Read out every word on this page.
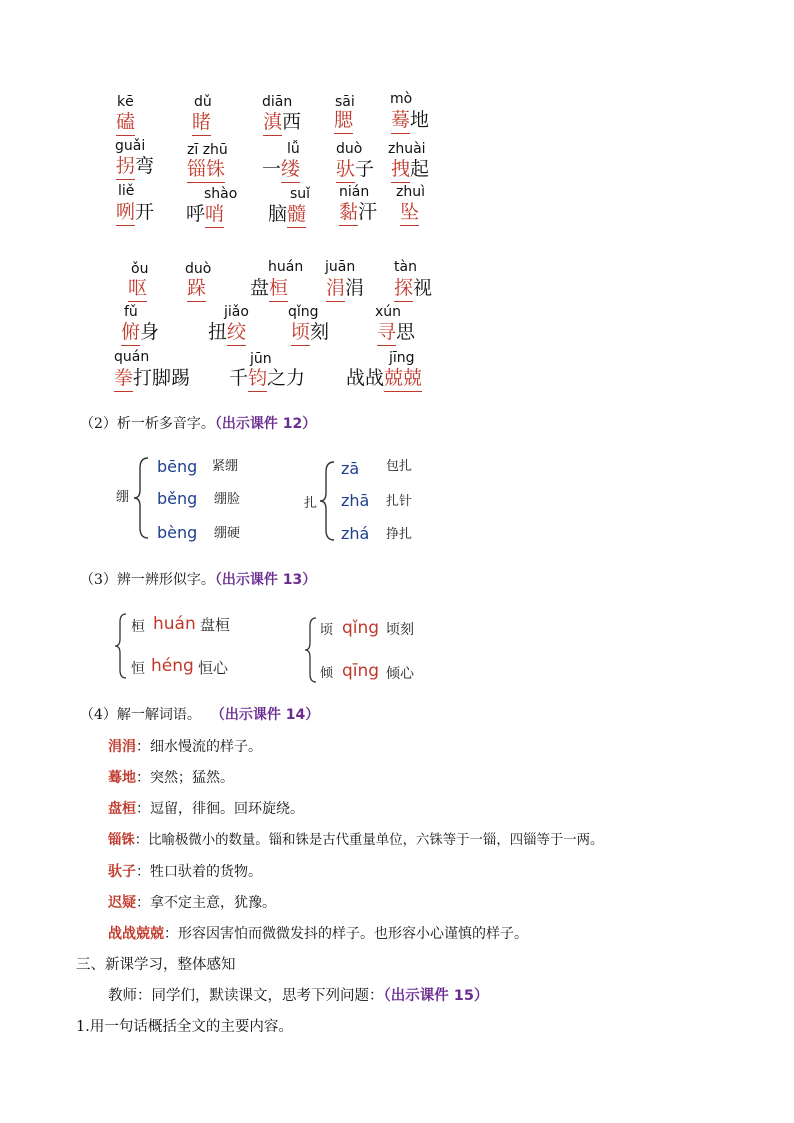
kē
磕
dǔ
睹
diān
滇西
sāi
腮
mò
蓦地
guǎi
拐弯
zī zhū
锱铢
lǚ
一缕
duò
驮子
zhuài
拽起
liě
咧开
shào
呼哨
suǐ
脑髓
nián
黏汗
zhuì
坠
ǒu
呕
duò
跺
huán
盘桓
juān
涓涓
tàn
探视
fǔ
俯身
jiǎo
扭绞
qǐng
顷刻
xún
寻思
quán
拳打脚踢
jūn
千钧之力
jīng
战战兢兢
（2）析一析多音字。（出示课件 12）
绷
bēng 紧绷
běng 绷脸
bèng 绷硬
扎
zā 包扎
zhā 扎针
zhá 挣扎
（3）辨一辨形似字。（出示课件 13）
桓 huán 盘桓
恒 héng 恒心
顷 qǐng 顷刻
倾 qīng 倾心
（4）解一解词语。 （出示课件 14）
涓涓：细水慢流的样子。
蓦地：突然；猛然。
盘桓：逗留，徘徊。回环旋绕。
锱铢：比喻极微小的数量。锱和铢是古代重量单位，六铢等于一锱，四锱等于一两。
驮子：牲口驮着的货物。
迟疑：拿不定主意，犹豫。
战战兢兢：形容因害怕而微微发抖的样子。也形容小心谨慎的样子。
三、新课学习，整体感知
教师：同学们，默读课文，思考下列问题：（出示课件 15）
1.用一句话概括全文的主要内容。
